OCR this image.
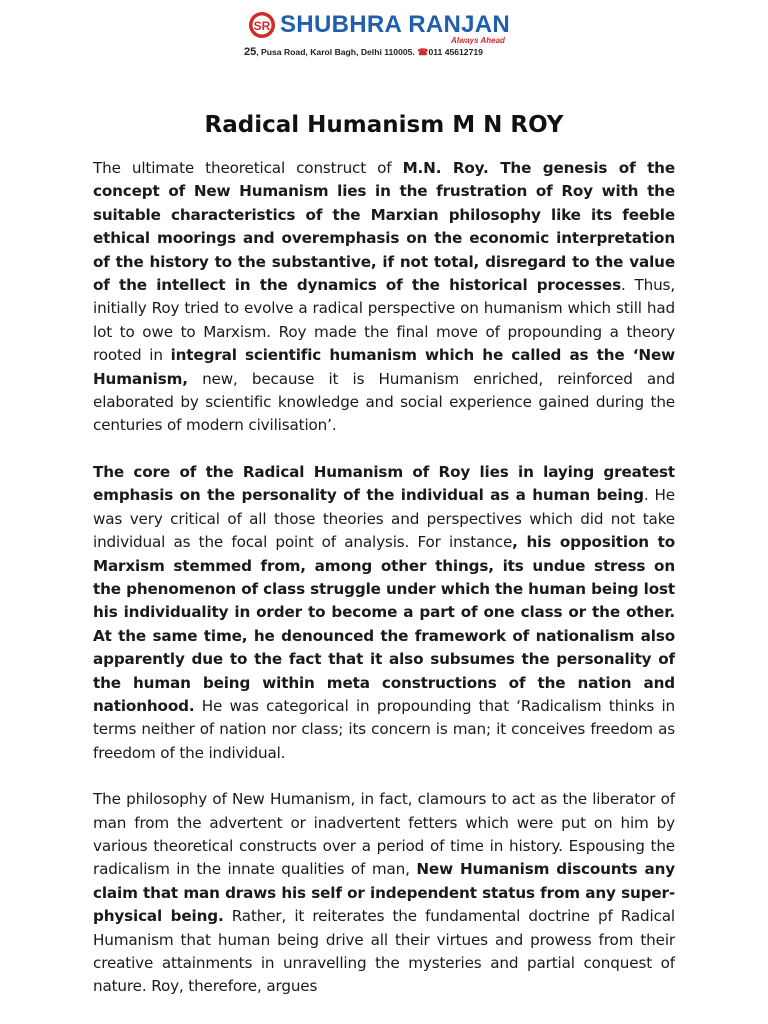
SR SHUBHRA RANJAN
Always Ahead
25, Pusa Road, Karol Bagh, Delhi 110005. ☎011 45612719
Radical Humanism M N ROY

The ultimate theoretical construct of M.N. Roy. The genesis of the concept of New Humanism lies in the frustration of Roy with the suitable characteristics of the Marxian philosophy like its feeble ethical moorings and overemphasis on the economic interpretation of the history to the substantive, if not total, disregard to the value of the intellect in the dynamics of the historical processes. Thus, initially Roy tried to evolve a radical perspective on humanism which still had lot to owe to Marxism. Roy made the final move of propounding a theory rooted in integral scientific humanism which he called as the ‘New Humanism, new, because it is Humanism enriched, reinforced and elaborated by scientific knowledge and social experience gained during the centuries of modern civilisation’.

The core of the Radical Humanism of Roy lies in laying greatest emphasis on the personality of the individual as a human being. He was very critical of all those theories and perspectives which did not take individual as the focal point of analysis. For instance, his opposition to Marxism stemmed from, among other things, its undue stress on the phenomenon of class struggle under which the human being lost his individuality in order to become a part of one class or the other. At the same time, he denounced the framework of nationalism also apparently due to the fact that it also subsumes the personality of the human being within meta constructions of the nation and nationhood. He was categorical in propounding that ‘Radicalism thinks in terms neither of nation nor class; its concern is man; it conceives freedom as freedom of the individual.

The philosophy of New Humanism, in fact, clamours to act as the liberator of man from the advertent or inadvertent fetters which were put on him by various theoretical constructs over a period of time in history. Espousing the radicalism in the innate qualities of man, New Humanism discounts any claim that man draws his self or independent status from any super-physical being. Rather, it reiterates the fundamental doctrine pf Radical Humanism that human being drive all their virtues and prowess from their creative attainments in unravelling the mysteries and partial conquest of nature. Roy, therefore, argues
